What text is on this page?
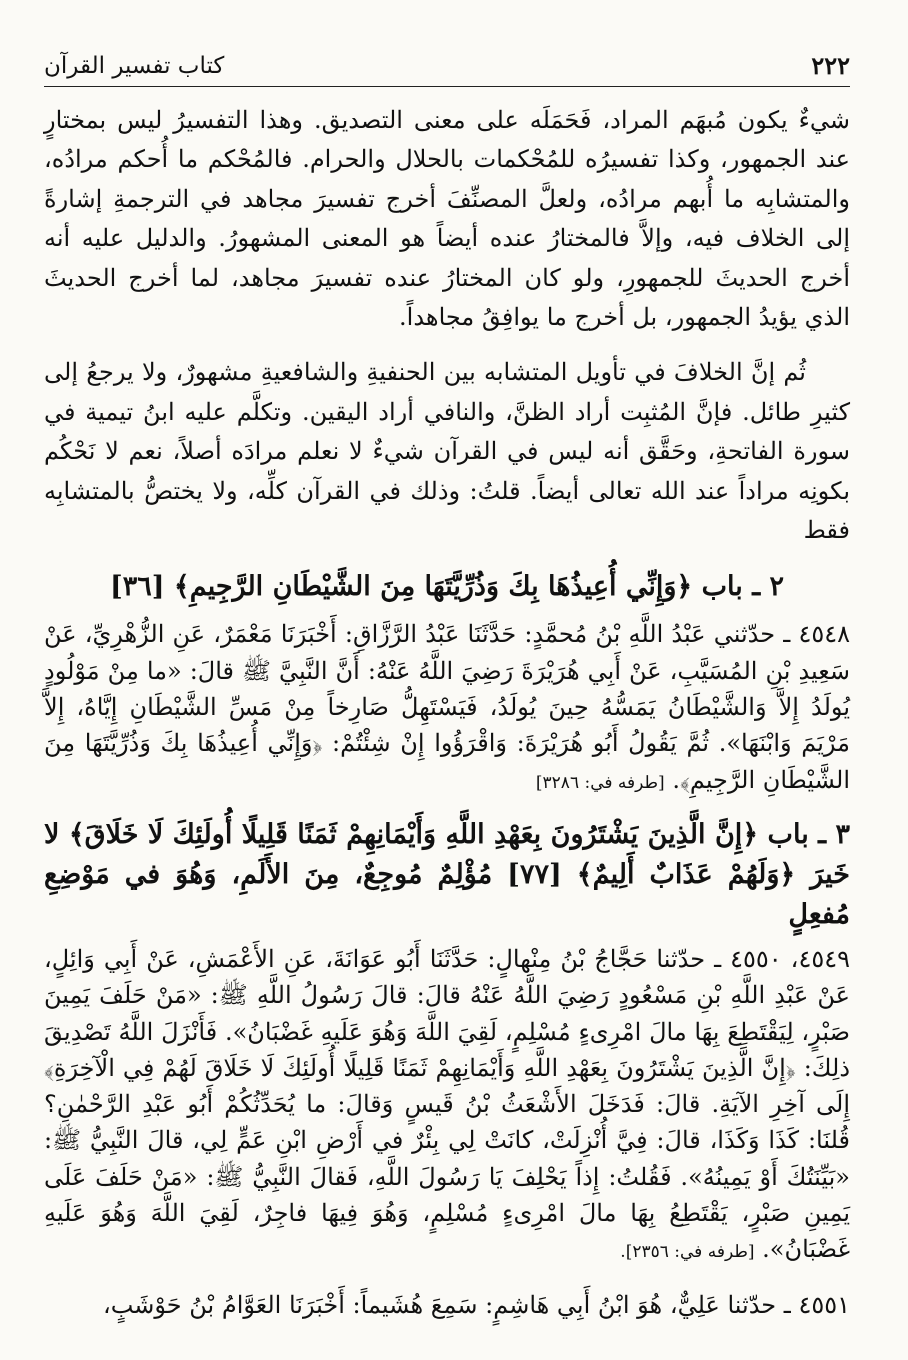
٢٢٢
كتاب تفسير القرآن

شيءٌ يكون مُبهَم المراد، فَحَمَلَه على معنى التصديق. وهذا التفسيرُ ليس بمختارٍ عند الجمهور، وكذا تفسيرُه للمُحْكمات بالحلال والحرام. فالمُحْكم ما أُحكم مرادُه، والمتشابِه ما أُبهم مرادُه، ولعلَّ المصنِّفَ أخرج تفسيرَ مجاهد في الترجمةِ إشارةً إلى الخلاف فيه، وإلاَّ فالمختارُ عنده أيضاً هو المعنى المشهورُ. والدليل عليه أنه أخرج الحديثَ للجمهورِ، ولو كان المختارُ عنده تفسيرَ مجاهد، لما أخرج الحديثَ الذي يؤيدُ الجمهور، بل أخرج ما يوافِقُ مجاهداً.

ثُم إنَّ الخلافَ في تأويل المتشابه بين الحنفيةِ والشافعيةِ مشهورٌ، ولا يرجعُ إلى كثيرِ طائل. فإنَّ المُثبِت أراد الظنَّ، والنافي أراد اليقين. وتكلَّم عليه ابنُ تيمية في سورة الفاتحةِ، وحَقَّق أنه ليس في القرآن شيءٌ لا نعلم مرادَه أصلاً، نعم لا نَحْكُم بكونِه مراداً عند الله تعالى أيضاً. قلتُ: وذلك في القرآن كلِّه، ولا يختصُّ بالمتشابِه فقط

٢ ـ باب ﴿وَإِنِّي أُعِيذُهَا بِكَ وَذُرِّيَّتَهَا مِنَ الشَّيْطَانِ الرَّجِيمِ﴾ [٣٦]

٤٥٤٨ ـ حدّثني عَبْدُ اللَّهِ بْنُ مُحمَّدٍ: حَدَّثَنَا عَبْدُ الرَّزَّاقِ: أَخْبَرَنَا مَعْمَرٌ، عَنِ الزُّهْرِيِّ، عَنْ سَعِيدِ بْنِ المُسَيَّبِ، عَنْ أَبِي هُرَيْرَةَ رَضِيَ اللَّهُ عَنْهُ: أَنَّ النَّبِيَّ ﷺ قالَ: «ما مِنْ مَوْلُودٍ يُولَدُ إِلاَّ وَالشَّيْطَانُ يَمَسُّهُ حِينَ يُولَدُ، فَيَسْتَهِلُّ صَارِخاً مِنْ مَسِّ الشَّيْطَانِ إِيَّاهُ، إِلاَّ مَرْيَمَ وَابْنَهَا». ثُمَّ يَقُولُ أَبُو هُرَيْرَةَ: وَاقْرَؤُوا إِنْ شِئْتُمْ: ﴿وَإِنِّي أُعِيذُهَا بِكَ وَذُرِّيَّتَهَا مِنَ الشَّيْطَانِ الرَّجِيمِ﴾. [طرفه في: ٣٢٨٦]

٣ ـ باب ﴿إِنَّ الَّذِينَ يَشْتَرُونَ بِعَهْدِ اللَّهِ وَأَيْمَانِهِمْ ثَمَنًا قَلِيلًا أُولَئِكَ لَا خَلَاقَ﴾ لا خَيرَ ﴿وَلَهُمْ عَذَابٌ أَلِيمٌ﴾ [٧٧] مُؤْلِمٌ مُوجِعٌ، مِنَ الأَلَمِ، وَهُوَ في مَوْضِعِ مُفعِلٍ

٤٥٤٩، ٤٥٥٠ ـ حدّثنا حَجَّاجُ بْنُ مِنْهالٍ: حَدَّثَنَا أَبُو عَوَانَةَ، عَنِ الأَعْمَشِ، عَنْ أَبِي وَائِلٍ، عَنْ عَبْدِ اللَّهِ بْنِ مَسْعُودٍ رَضِيَ اللَّهُ عَنْهُ قالَ: قالَ رَسُولُ اللَّهِ ﷺ: «مَنْ حَلَفَ يَمِينَ صَبْرٍ، لِيَقْتَطِعَ بِهَا مالَ امْرِىءٍ مُسْلِمٍ، لَقِيَ اللَّهَ وَهُوَ عَلَيهِ غَضْبَانُ». فَأَنْزَلَ اللَّهُ تَصْدِيقَ ذلِكَ: ﴿إِنَّ الَّذِينَ يَشْتَرُونَ بِعَهْدِ اللَّهِ وَأَيْمَانِهِمْ ثَمَنًا قَلِيلًا أُولَئِكَ لَا خَلَاقَ لَهُمْ فِي الْآخِرَةِ﴾ إِلَى آخِرِ الآيَةِ. قالَ: فَدَخَلَ الأَشْعَثُ بْنُ قَيسٍ وَقالَ: ما يُحَدِّثُكُمْ أَبُو عَبْدِ الرَّحْمٰنِ؟ قُلنَا: كَذَا وَكَذَا، قالَ: فِيَّ أُنْزِلَتْ، كانَتْ لِي بِئْرٌ في أَرْضِ ابْنِ عَمٍّ لِي، قالَ النَّبِيُّ ﷺ: «بَيِّنَتُكَ أَوْ يَمِينُهُ». فَقُلتُ: إِذاً يَحْلِفَ يَا رَسُولَ اللَّهِ، فَقالَ النَّبِيُّ ﷺ: «مَنْ حَلَفَ عَلَى يَمِينِ صَبْرٍ، يَقْتَطِعُ بِهَا مالَ امْرِىءٍ مُسْلِمٍ، وَهُوَ فِيهَا فاجِرٌ، لَقِيَ اللَّهَ وَهُوَ عَلَيهِ غَضْبَانُ». [طرفه في: ٢٣٥٦].

٤٥٥١ ـ حدّثنا عَلِيٌّ، هُوَ ابْنُ أَبِي هَاشِمٍ: سَمِعَ هُشَيماً: أَخْبَرَنَا العَوَّامُ بْنُ حَوْشَبٍ،
